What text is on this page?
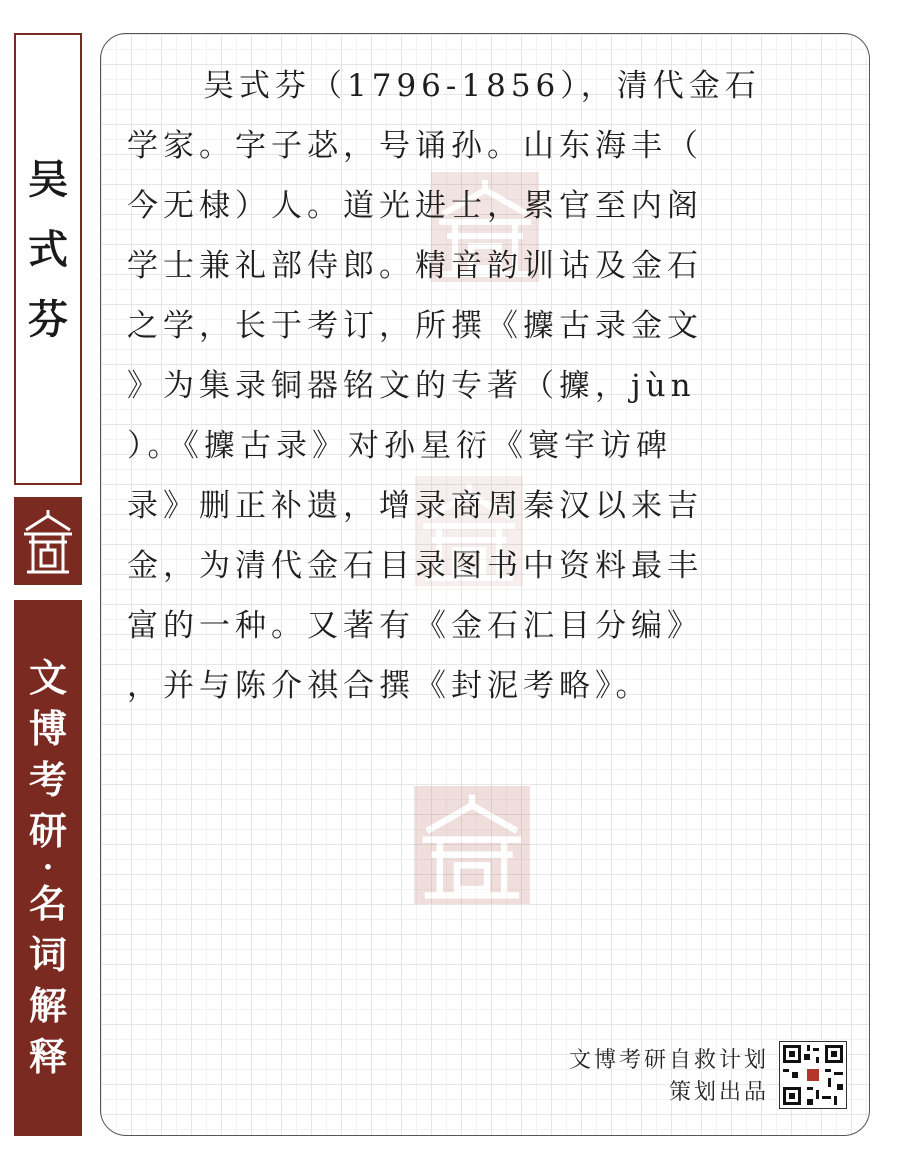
吴
式
芬
文
博
考
研
·
名
词
解
释
吴式芬（1796-1856），清代金石
学家。字子苾，号诵孙。山东海丰（
今无棣）人。道光进士，累官至内阁
学士兼礼部侍郎。精音韵训诂及金石
之学，长于考订，所撰《攈古录金文
》为集录铜器铭文的专著（攈，jùn
）。《攈古录》对孙星衍《寰宇访碑
录》删正补遗，增录商周秦汉以来吉
金，为清代金石目录图书中资料最丰
富的一种。又著有《金石汇目分编》
，并与陈介祺合撰《封泥考略》。
文博考研自救计划
策划出品
